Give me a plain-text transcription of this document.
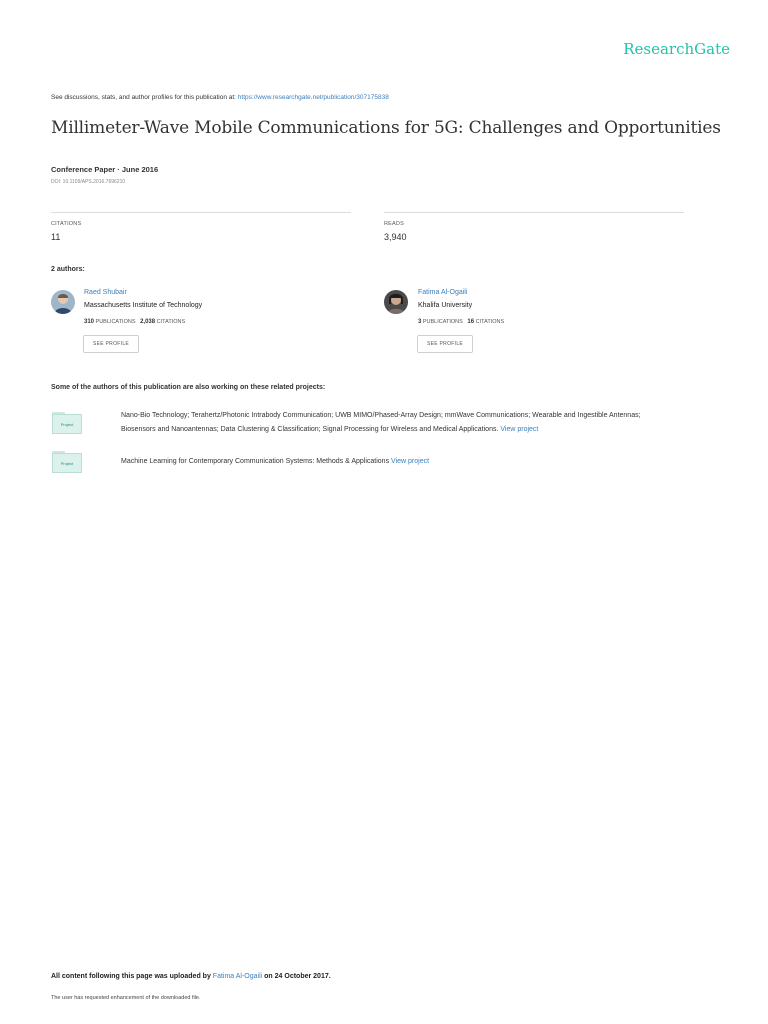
ResearchGate
See discussions, stats, and author profiles for this publication at: https://www.researchgate.net/publication/307175838
Millimeter-Wave Mobile Communications for 5G: Challenges and Opportunities
Conference Paper · June 2016
DOI: 10.1109/APS.2016.7696210
CITATIONS
11
READS
3,940
2 authors:
Raed Shubair
Massachusetts Institute of Technology
310 PUBLICATIONS 2,038 CITATIONS
SEE PROFILE
Fatima Al-Ogaili
Khalifa University
3 PUBLICATIONS 16 CITATIONS
SEE PROFILE
Some of the authors of this publication are also working on these related projects:
Project
Nano-Bio Technology; Terahertz/Photonic Intrabody Communication; UWB MIMO/Phased-Array Design; mmWave Communications; Wearable and Ingestible Antennas;
Biosensors and Nanoantennas; Data Clustering & Classification; Signal Processing for Wireless and Medical Applications. View project
Project	Machine Learning for Contemporary Communication Systems: Methods & Applications View project
All content following this page was uploaded by Fatima Al-Ogaili on 24 October 2017.
The user has requested enhancement of the downloaded file.
